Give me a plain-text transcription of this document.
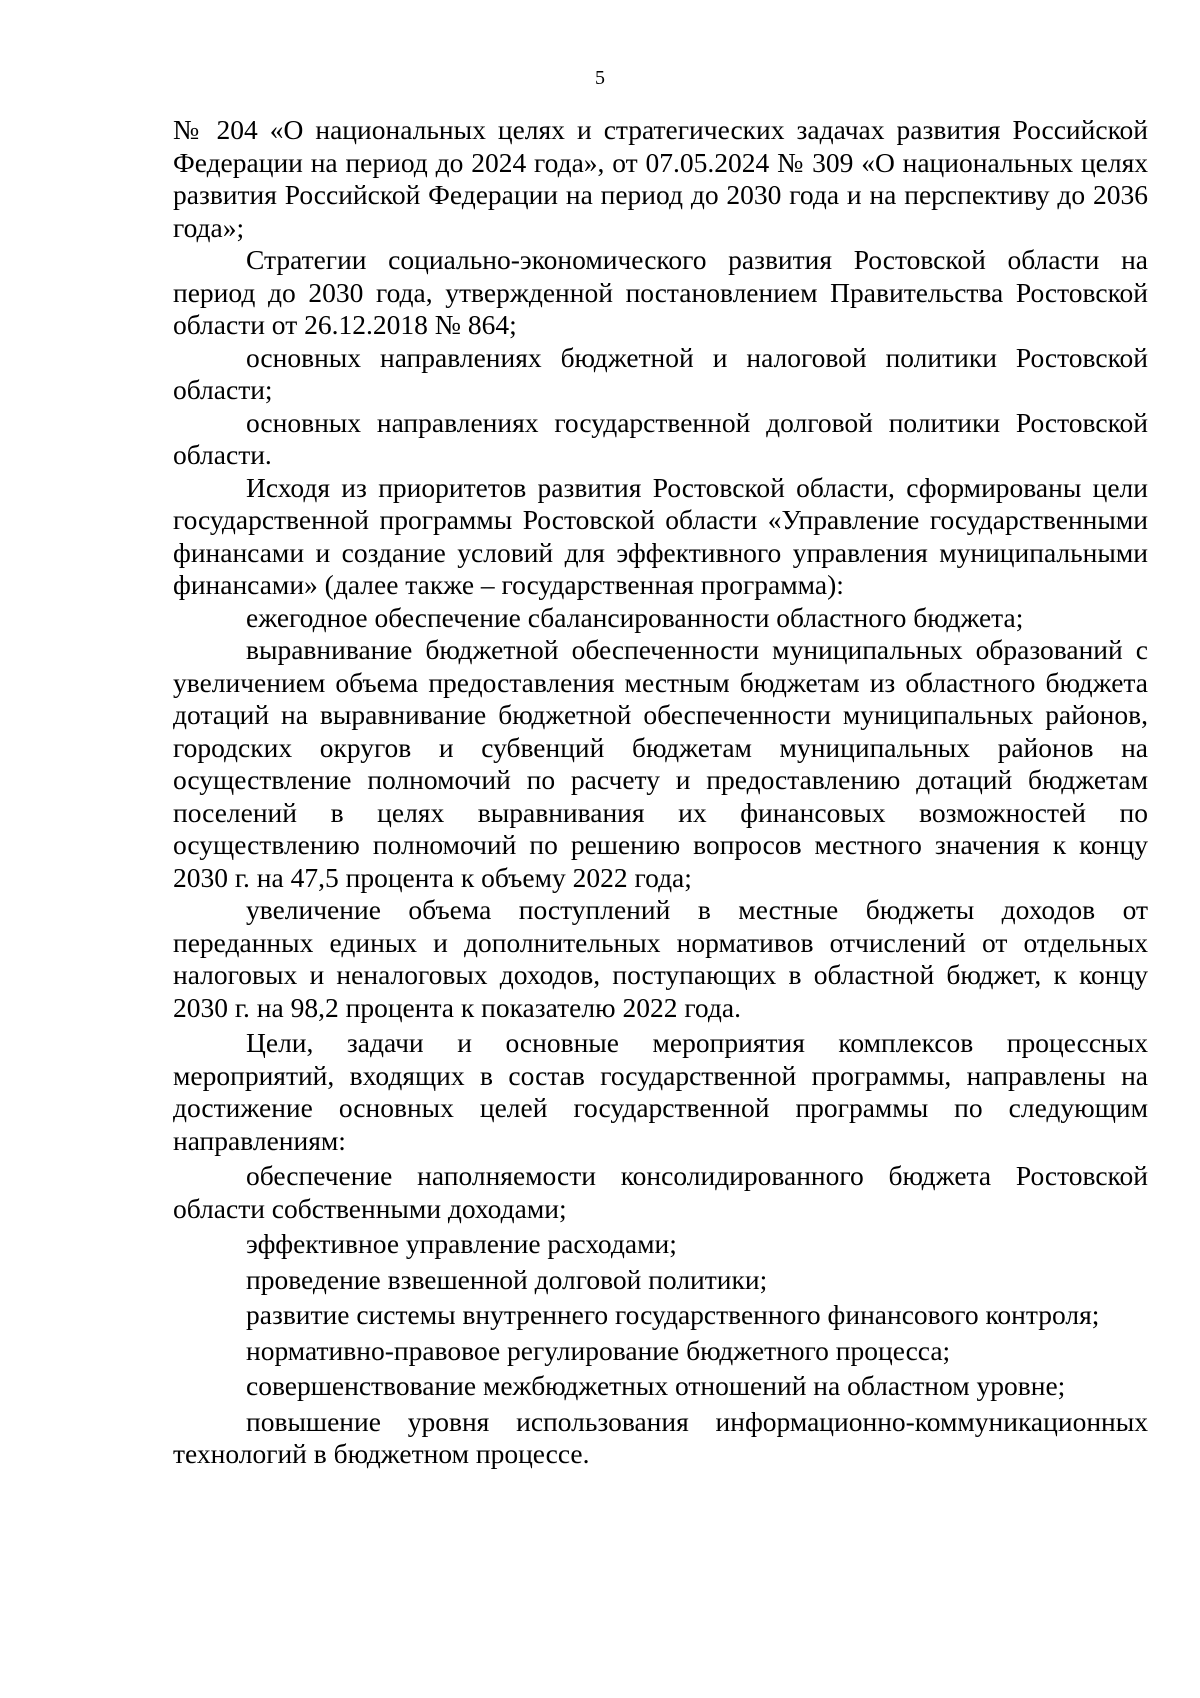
5

№ 204 «О национальных целях и стратегических задачах развития Российской Федерации на период до 2024 года», от 07.05.2024 № 309 «О национальных целях развития Российской Федерации на период до 2030 года и на перспективу до 2036 года»;

Стратегии социально-экономического развития Ростовской области на период до 2030 года, утвержденной постановлением Правительства Ростовской области от 26.12.2018 № 864;

основных направлениях бюджетной и налоговой политики Ростовской области;

основных направлениях государственной долговой политики Ростовской области.

Исходя из приоритетов развития Ростовской области, сформированы цели государственной программы Ростовской области «Управление государственными финансами и создание условий для эффективного управления муниципальными финансами» (далее также – государственная программа):

ежегодное обеспечение сбалансированности областного бюджета;

выравнивание бюджетной обеспеченности муниципальных образований с увеличением объема предоставления местным бюджетам из областного бюджета дотаций на выравнивание бюджетной обеспеченности муниципальных районов, городских округов и субвенций бюджетам муниципальных районов на осуществление полномочий по расчету и предоставлению дотаций бюджетам поселений в целях выравнивания их финансовых возможностей по осуществлению полномочий по решению вопросов местного значения к концу 2030 г. на 47,5 процента к объему 2022 года;

увеличение объема поступлений в местные бюджеты доходов от переданных единых и дополнительных нормативов отчислений от отдельных налоговых и неналоговых доходов, поступающих в областной бюджет, к концу 2030 г. на 98,2 процента к показателю 2022 года.

Цели, задачи и основные мероприятия комплексов процессных мероприятий, входящих в состав государственной программы, направлены на достижение основных целей государственной программы по следующим направлениям:

обеспечение наполняемости консолидированного бюджета Ростовской области собственными доходами;

эффективное управление расходами;

проведение взвешенной долговой политики;

развитие системы внутреннего государственного финансового контроля;

нормативно-правовое регулирование бюджетного процесса;

совершенствование межбюджетных отношений на областном уровне;

повышение уровня использования информационно-коммуникационных технологий в бюджетном процессе.
